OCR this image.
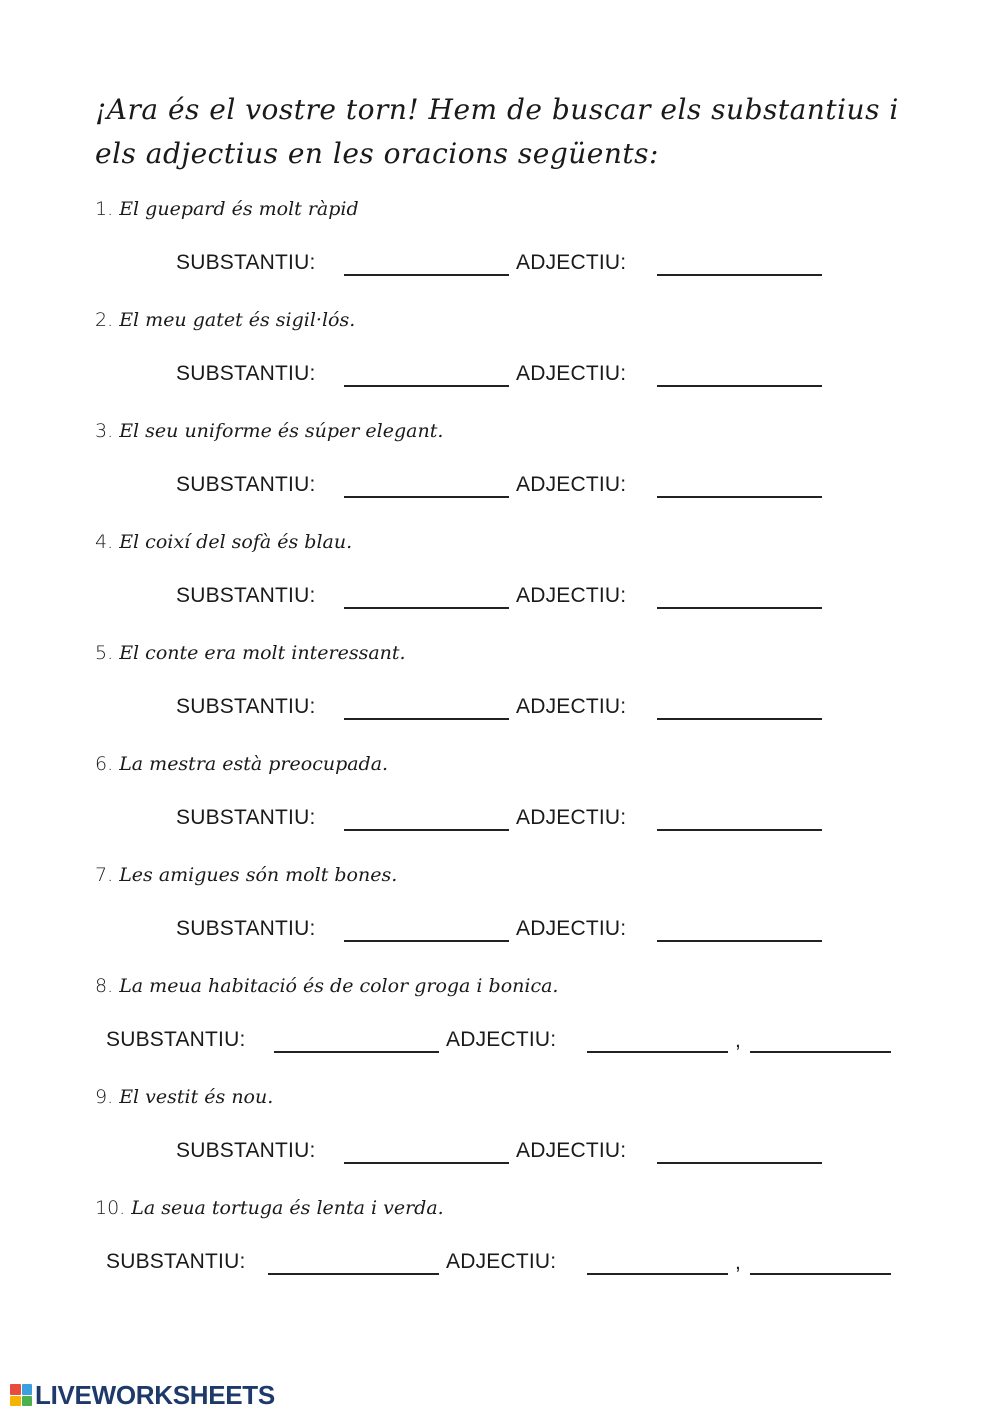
¡Ara és el vostre torn! Hem de buscar els substantius i els adjectius en les oracions següents:
1. El guepard és molt ràpid
SUBSTANTIU:	ADJECTIU:
2. El meu gatet és sigil·lós.
SUBSTANTIU:	ADJECTIU:
3. El seu uniforme és súper elegant.
SUBSTANTIU:	ADJECTIU:
4. El coixí del sofà és blau.
SUBSTANTIU:	ADJECTIU:
5. El conte era molt interessant.
SUBSTANTIU:	ADJECTIU:
6. La mestra està preocupada.
SUBSTANTIU:	ADJECTIU:
7. Les amigues són molt bones.
SUBSTANTIU:	ADJECTIU:
8. La meua habitació és de color groga i bonica.
SUBSTANTIU:	ADJECTIU:	,
9. El vestit és nou.
SUBSTANTIU:	ADJECTIU:
10. La seua tortuga és lenta i verda.
SUBSTANTIU:	ADJECTIU:	,
LIVEWORKSHEETS
